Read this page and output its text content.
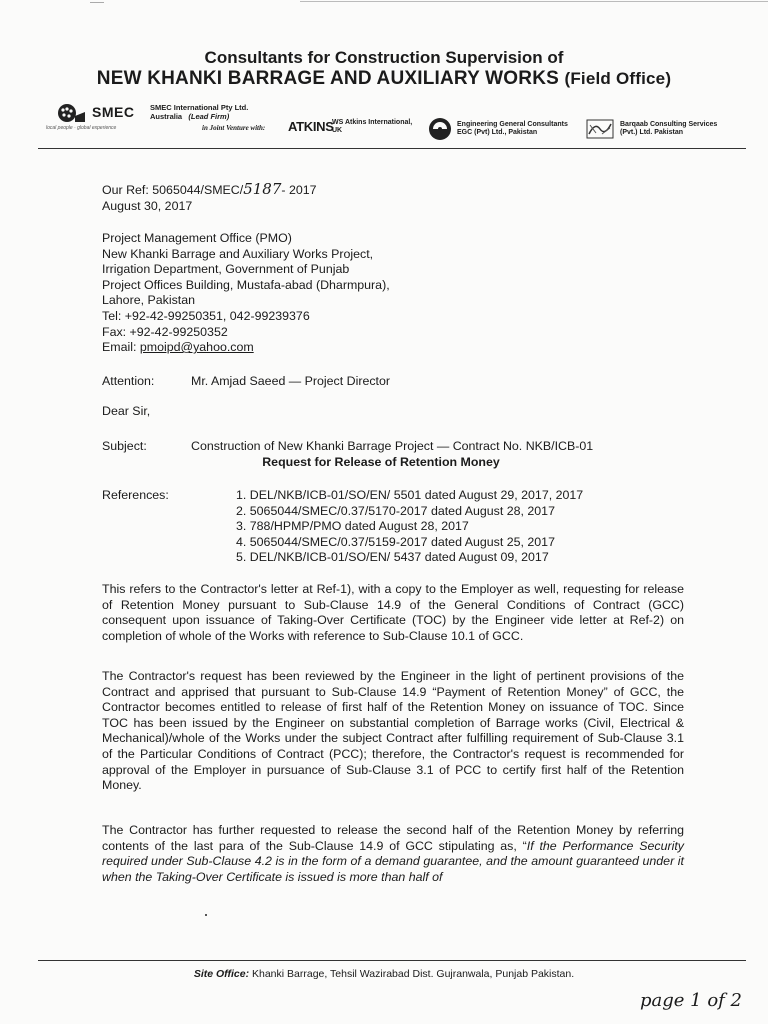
Consultants for Construction Supervision of
NEW KHANKI BARRAGE AND AUXILIARY WORKS (Field Office)
SMEC
local people · global experience
SMEC International Pty Ltd.
Australia (Lead Firm)
in Joint Venture with: ATKINS
WS Atkins International,
UK
Engineering General Consultants
EGC (Pvt) Ltd., Pakistan
Barqaab Consulting Services
(Pvt.) Ltd. Pakistan
Our Ref: 5065044/SMEC/5187- 2017
August 30, 2017
Project Management Office (PMO)
New Khanki Barrage and Auxiliary Works Project,
Irrigation Department, Government of Punjab
Project Offices Building, Mustafa-abad (Dharmpura),
Lahore, Pakistan
Tel: +92-42-99250351, 042-99239376
Fax: +92-42-99250352
Email: pmoipd@yahoo.com
Attention:	Mr. Amjad Saeed — Project Director
Dear Sir,
Subject:	Construction of New Khanki Barrage Project — Contract No. NKB/ICB-01
Request for Release of Retention Money
References:	1. DEL/NKB/ICB-01/SO/EN/ 5501 dated August 29, 2017, 2017
2. 5065044/SMEC/0.37/5170-2017 dated August 28, 2017
3. 788/HPMP/PMO dated August 28, 2017
4. 5065044/SMEC/0.37/5159-2017 dated August 25, 2017
5. DEL/NKB/ICB-01/SO/EN/ 5437 dated August 09, 2017

This refers to the Contractor's letter at Ref-1), with a copy to the Employer as well, requesting for release of Retention Money pursuant to Sub-Clause 14.9 of the General Conditions of Contract (GCC) consequent upon issuance of Taking-Over Certificate (TOC) by the Engineer vide letter at Ref-2) on completion of whole of the Works with reference to Sub-Clause 10.1 of GCC.

The Contractor's request has been reviewed by the Engineer in the light of pertinent provisions of the Contract and apprised that pursuant to Sub-Clause 14.9 “Payment of Retention Money” of GCC, the Contractor becomes entitled to release of first half of the Retention Money on issuance of TOC. Since TOC has been issued by the Engineer on substantial completion of Barrage works (Civil, Electrical & Mechanical)/whole of the Works under the subject Contract after fulfilling requirement of Sub-Clause 3.1 of the Particular Conditions of Contract (PCC); therefore, the Contractor's request is recommended for approval of the Employer in pursuance of Sub-Clause 3.1 of PCC to certify first half of the Retention Money.

The Contractor has further requested to release the second half of the Retention Money by referring contents of the last para of the Sub-Clause 14.9 of GCC stipulating as, “If the Performance Security required under Sub-Clause 4.2 is in the form of a demand guarantee, and the amount guaranteed under it when the Taking-Over Certificate is issued is more than half of

Site Office: Khanki Barrage, Tehsil Wazirabad Dist. Gujranwala, Punjab Pakistan.
page 1 of 2
